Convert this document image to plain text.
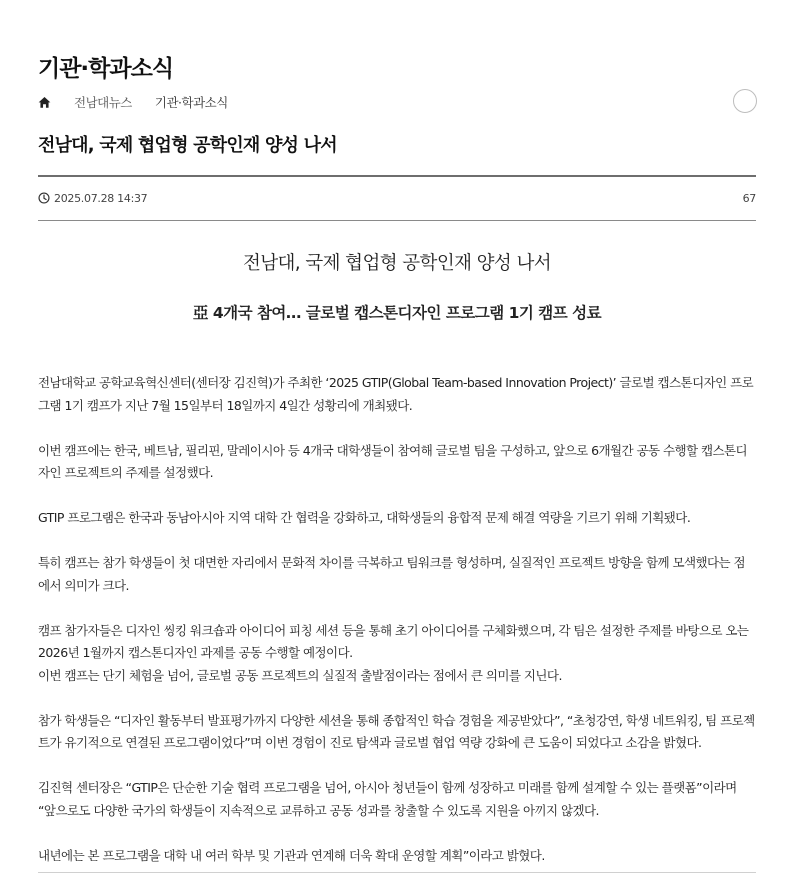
기관·학과소식
전남대뉴스 기관·학과소식
전남대, 국제 협업형 공학인재 양성 나서
2025.07.28 14:37	67
전남대, 국제 협업형 공학인재 양성 나서
亞 4개국 참여… 글로벌 캡스톤디자인 프로그램 1기 캠프 성료

전남대학교 공학교육혁신센터(센터장 김진혁)가 주최한 ‘2025 GTIP(Global Team-based Innovation Project)’ 글로벌 캡스톤디자인 프로그램 1기 캠프가 지난 7월 15일부터 18일까지 4일간 성황리에 개최됐다.

이번 캠프에는 한국, 베트남, 필리핀, 말레이시아 등 4개국 대학생들이 참여해 글로벌 팀을 구성하고, 앞으로 6개월간 공동 수행할 캡스톤디자인 프로젝트의 주제를 설정했다.

GTIP 프로그램은 한국과 동남아시아 지역 대학 간 협력을 강화하고, 대학생들의 융합적 문제 해결 역량을 기르기 위해 기획됐다.

특히 캠프는 참가 학생들이 첫 대면한 자리에서 문화적 차이를 극복하고 팀워크를 형성하며, 실질적인 프로젝트 방향을 함께 모색했다는 점에서 의미가 크다.

캠프 참가자들은 디자인 씽킹 워크숍과 아이디어 피칭 세션 등을 통해 초기 아이디어를 구체화했으며, 각 팀은 설정한 주제를 바탕으로 오는 2026년 1월까지 캡스톤디자인 과제를 공동 수행할 예정이다.

이번 캠프는 단기 체험을 넘어, 글로벌 공동 프로젝트의 실질적 출발점이라는 점에서 큰 의미를 지닌다.

참가 학생들은 “디자인 활동부터 발표평가까지 다양한 세션을 통해 종합적인 학습 경험을 제공받았다”, “초청강연, 학생 네트워킹, 팀 프로젝트가 유기적으로 연결된 프로그램이었다”며 이번 경험이 진로 탐색과 글로벌 협업 역량 강화에 큰 도움이 되었다고 소감을 밝혔다.

김진혁 센터장은 “GTIP은 단순한 기술 협력 프로그램을 넘어, 아시아 청년들이 함께 성장하고 미래를 함께 설계할 수 있는 플랫폼”이라며 “앞으로도 다양한 국가의 학생들이 지속적으로 교류하고 공동 성과를 창출할 수 있도록 지원을 아끼지 않겠다.

내년에는 본 프로그램을 대학 내 여러 학부 및 기관과 연계해 더욱 확대 운영할 계획”이라고 밝혔다.
